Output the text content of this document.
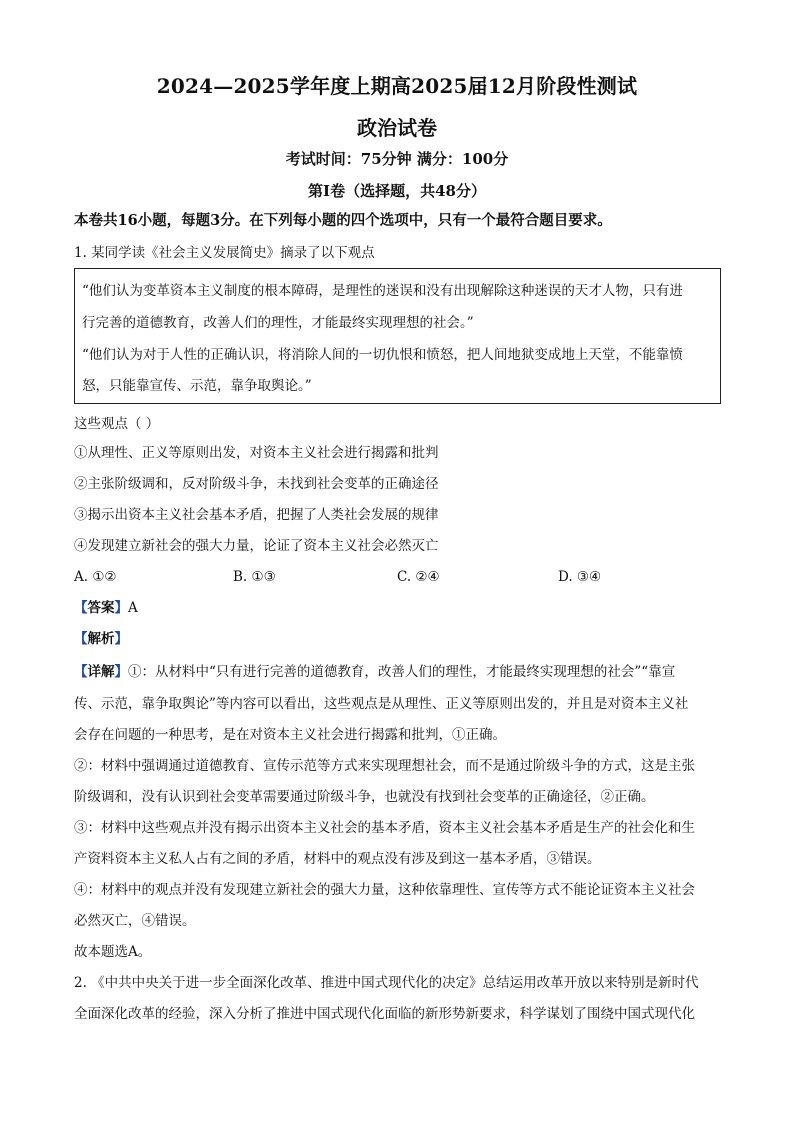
2024—2025学年度上期高2025届12月阶段性测试
政治试卷
考试时间：75分钟 满分：100分
第Ⅰ卷（选择题，共48分）
本卷共16小题，每题3分。在下列每小题的四个选项中，只有一个最符合题目要求。
1. 某同学读《社会主义发展简史》摘录了以下观点
“他们认为变革资本主义制度的根本障碍，是理性的迷误和没有出现解除这种迷误的天才人物，只有进
行完善的道德教育，改善人们的理性，才能最终实现理想的社会。”
“他们认为对于人性的正确认识，将消除人间的一切仇恨和愤怒，把人间地狱变成地上天堂，不能靠愤
怒，只能靠宣传、示范，靠争取舆论。”
这些观点（ ）
①从理性、正义等原则出发，对资本主义社会进行揭露和批判
②主张阶级调和，反对阶级斗争，未找到社会变革的正确途径
③揭示出资本主义社会基本矛盾，把握了人类社会发展的规律
④发现建立新社会的强大力量，论证了资本主义社会必然灭亡
A. ①②	B. ①③	C. ②④	D. ③④
【答案】A
【解析】
【详解】①：从材料中“只有进行完善的道德教育，改善人们的理性，才能最终实现理想的社会”“靠宣
传、示范，靠争取舆论”等内容可以看出，这些观点是从理性、正义等原则出发的，并且是对资本主义社
会存在问题的一种思考，是在对资本主义社会进行揭露和批判，①正确。
②：材料中强调通过道德教育、宣传示范等方式来实现理想社会，而不是通过阶级斗争的方式，这是主张
阶级调和，没有认识到社会变革需要通过阶级斗争，也就没有找到社会变革的正确途径，②正确。
③：材料中这些观点并没有揭示出资本主义社会的基本矛盾，资本主义社会基本矛盾是生产的社会化和生
产资料资本主义私人占有之间的矛盾，材料中的观点没有涉及到这一基本矛盾，③错误。
④：材料中的观点并没有发现建立新社会的强大力量，这种依靠理性、宣传等方式不能论证资本主义社会
必然灭亡，④错误。
故本题选A。
2. 《中共中央关于进一步全面深化改革、推进中国式现代化的决定》总结运用改革开放以来特别是新时代
全面深化改革的经验，深入分析了推进中国式现代化面临的新形势新要求，科学谋划了围绕中国式现代化
